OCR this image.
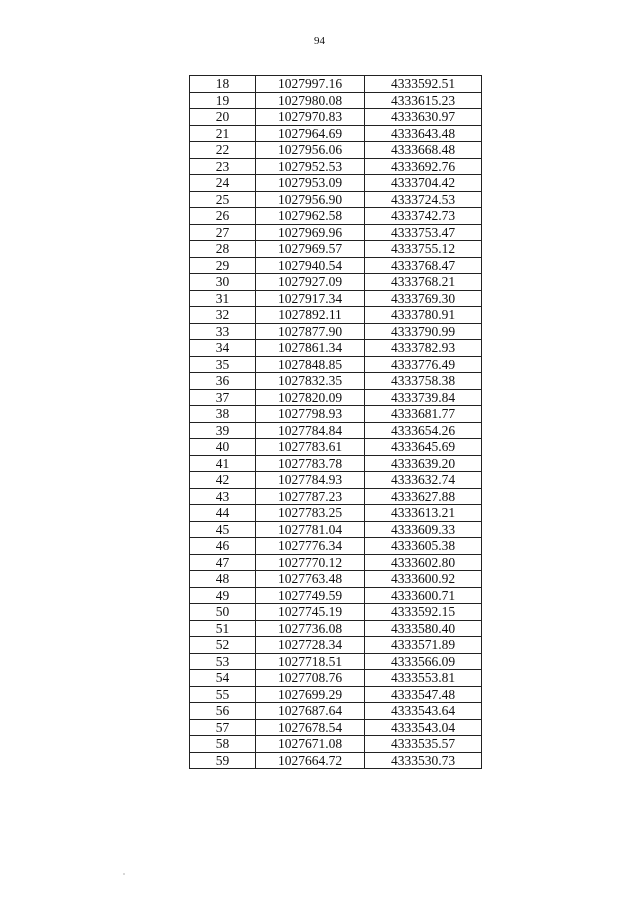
94
18	1027997.16	4333592.51
19	1027980.08	4333615.23
20	1027970.83	4333630.97
21	1027964.69	4333643.48
22	1027956.06	4333668.48
23	1027952.53	4333692.76
24	1027953.09	4333704.42
25	1027956.90	4333724.53
26	1027962.58	4333742.73
27	1027969.96	4333753.47
28	1027969.57	4333755.12
29	1027940.54	4333768.47
30	1027927.09	4333768.21
31	1027917.34	4333769.30
32	1027892.11	4333780.91
33	1027877.90	4333790.99
34	1027861.34	4333782.93
35	1027848.85	4333776.49
36	1027832.35	4333758.38
37	1027820.09	4333739.84
38	1027798.93	4333681.77
39	1027784.84	4333654.26
40	1027783.61	4333645.69
41	1027783.78	4333639.20
42	1027784.93	4333632.74
43	1027787.23	4333627.88
44	1027783.25	4333613.21
45	1027781.04	4333609.33
46	1027776.34	4333605.38
47	1027770.12	4333602.80
48	1027763.48	4333600.92
49	1027749.59	4333600.71
50	1027745.19	4333592.15
51	1027736.08	4333580.40
52	1027728.34	4333571.89
53	1027718.51	4333566.09
54	1027708.76	4333553.81
55	1027699.29	4333547.48
56	1027687.64	4333543.64
57	1027678.54	4333543.04
58	1027671.08	4333535.57
59	1027664.72	4333530.73
